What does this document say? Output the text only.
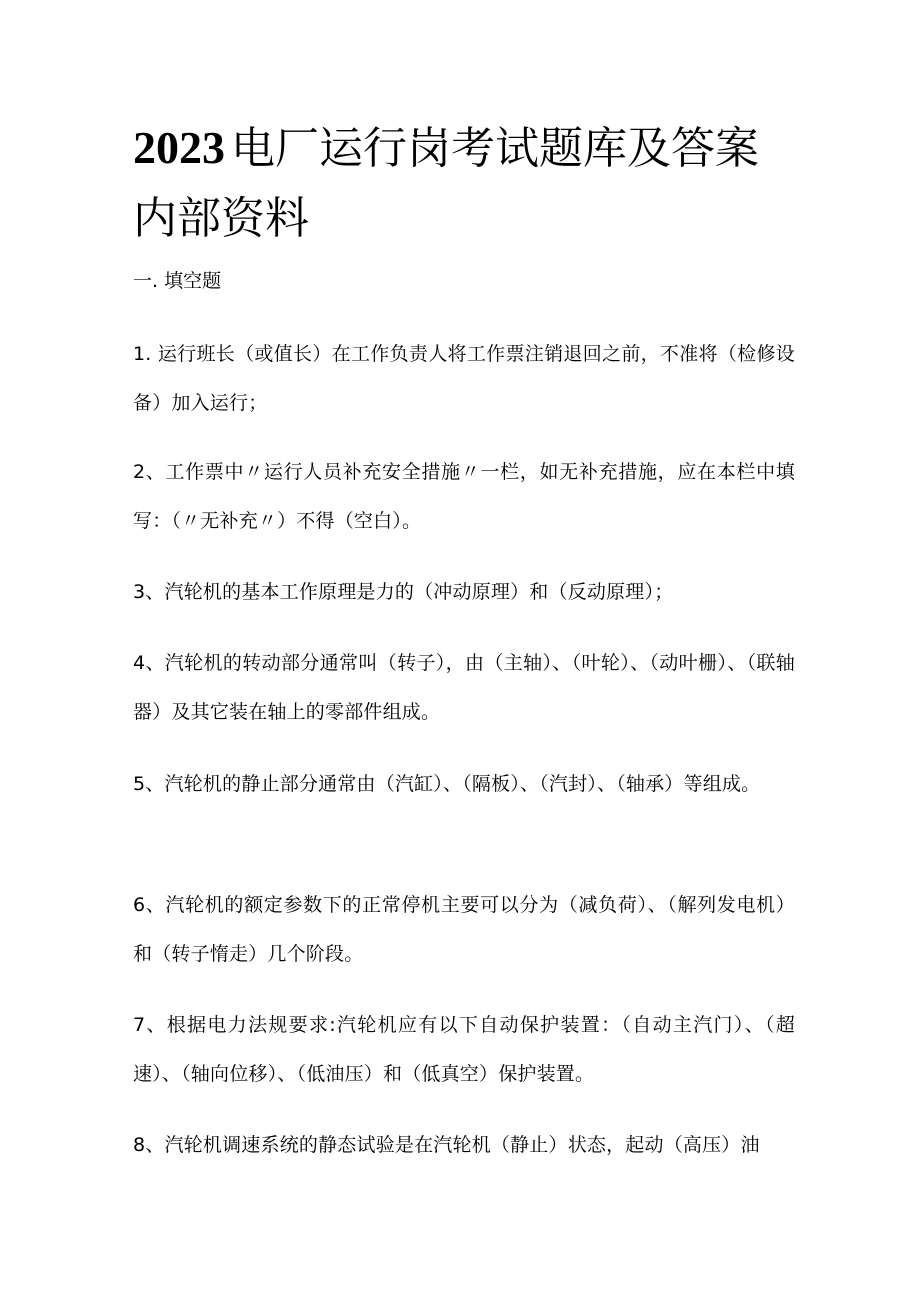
2023 电厂运行岗考试题库及答案内部资料
一. 填空题

1. 运行班长（或值长）在工作负责人将工作票注销退回之前，不准将（检修设备）加入运行；

2、工作票中〃运行人员补充安全措施〃一栏，如无补充措施，应在本栏中填写：（〃无补充〃）不得（空白）。

3、汽轮机的基本工作原理是力的（冲动原理）和（反动原理）；

4、汽轮机的转动部分通常叫（转子），由（主轴）、（叶轮）、（动叶栅）、（联轴器）及其它装在轴上的零部件组成。

5、汽轮机的静止部分通常由（汽缸）、（隔板）、（汽封）、（轴承）等组成。

6、汽轮机的额定参数下的正常停机主要可以分为（减负荷）、（解列发电机）和（转子惰走）几个阶段。

7、根据电力法规要求:汽轮机应有以下自动保护装置：（自动主汽门）、（超速）、（轴向位移）、（低油压）和（低真空）保护装置。

8、汽轮机调速系统的静态试验是在汽轮机（静止）状态，起动（高压）油
